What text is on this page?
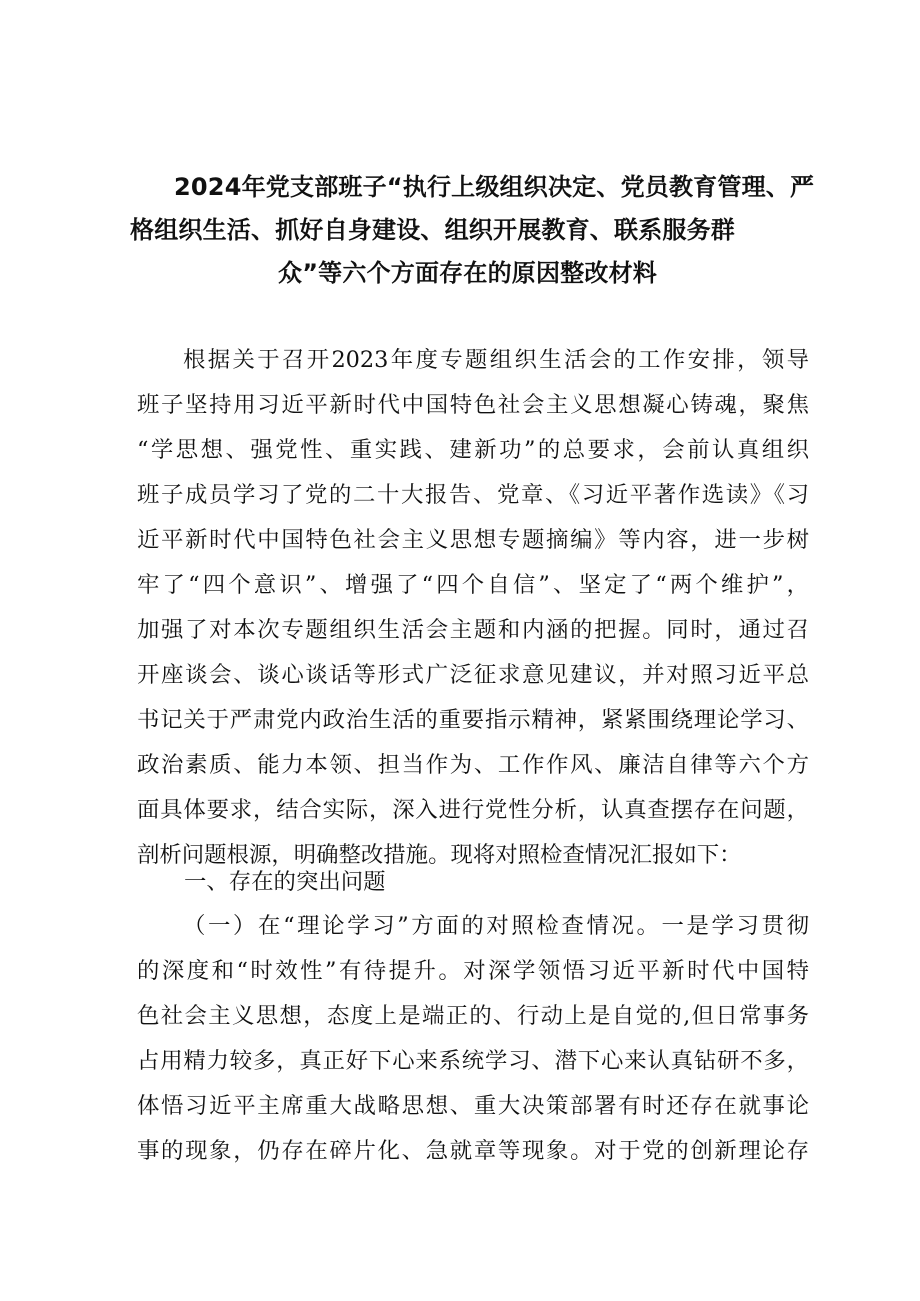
2024年党支部班子“执行上级组织决定、党员教育管理、严
格组织生活、抓好自身建设、组织开展教育、联系服务群
众”等六个方面存在的原因整改材料
根据关于召开2023年度专题组织生活会的工作安排，领导
班子坚持用习近平新时代中国特色社会主义思想凝心铸魂，聚焦
“学思想、强党性、重实践、建新功”的总要求，会前认真组织
班子成员学习了党的二十大报告、党章、《习近平著作选读》《习
近平新时代中国特色社会主义思想专题摘编》等内容，进一步树
牢了“四个意识”、增强了“四个自信”、坚定了“两个维护”，
加强了对本次专题组织生活会主题和内涵的把握。同时，通过召
开座谈会、谈心谈话等形式广泛征求意见建议，并对照习近平总
书记关于严肃党内政治生活的重要指示精神，紧紧围绕理论学习、
政治素质、能力本领、担当作为、工作作风、廉洁自律等六个方
面具体要求，结合实际，深入进行党性分析，认真查摆存在问题，
剖析问题根源，明确整改措施。现将对照检查情况汇报如下：
一、存在的突出问题
（一）在“理论学习”方面的对照检查情况。一是学习贯彻
的深度和“时效性”有待提升。对深学领悟习近平新时代中国特
色社会主义思想，态度上是端正的、行动上是自觉的,但日常事务
占用精力较多，真正好下心来系统学习、潜下心来认真钻研不多，
体悟习近平主席重大战略思想、重大决策部署有时还存在就事论
事的现象，仍存在碎片化、急就章等现象。对于党的创新理论存
